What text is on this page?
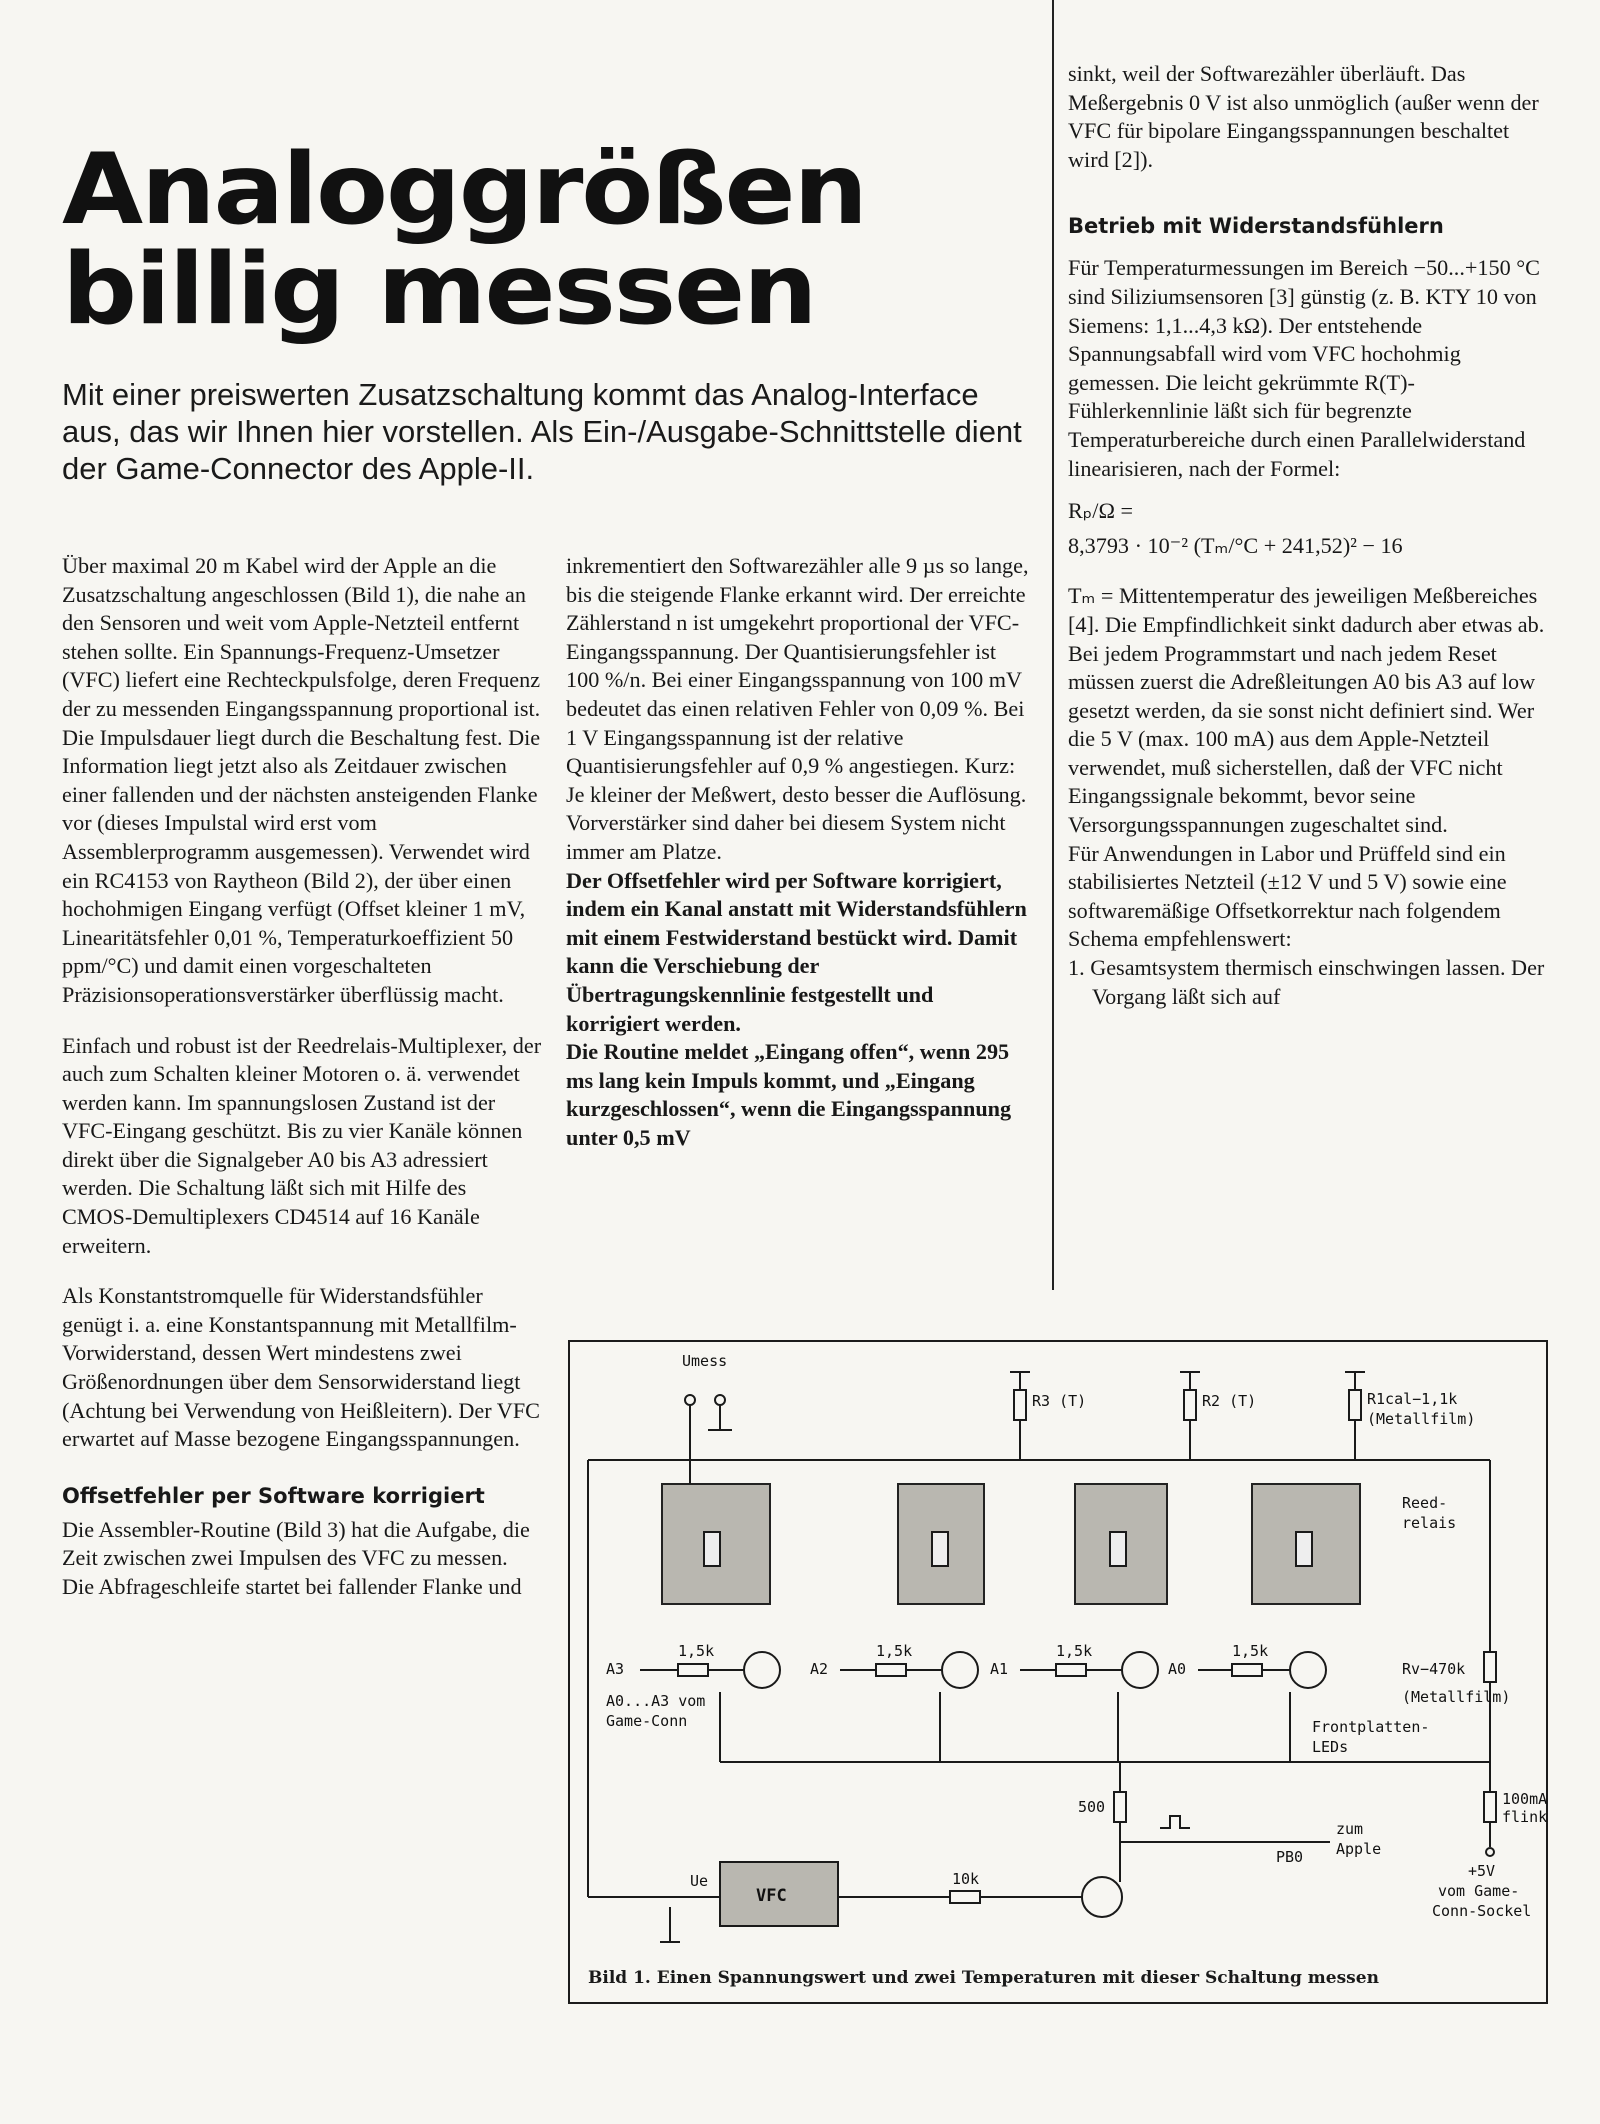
Analoggrößen
billig messen
Mit einer preiswerten Zusatzschaltung kommt das Analog-Interface aus, das wir Ihnen hier vorstellen. Als Ein-/Ausgabe-Schnittstelle dient der Game-Connector des Apple-II.

Über maximal 20 m Kabel wird der Apple an die Zusatzschaltung angeschlossen (Bild 1), die nahe an den Sensoren und weit vom Apple-Netzteil entfernt stehen sollte. Ein Spannungs-Frequenz-Umsetzer (VFC) liefert eine Rechteckpulsfolge, deren Frequenz der zu messenden Eingangsspannung proportional ist. Die Impulsdauer liegt durch die Beschaltung fest. Die Information liegt jetzt also als Zeitdauer zwischen einer fallenden und der nächsten ansteigenden Flanke vor (dieses Impulstal wird erst vom Assemblerprogramm ausgemessen). Verwendet wird ein RC4153 von Raytheon (Bild 2), der über einen hochohmigen Eingang verfügt (Offset kleiner 1 mV, Linearitätsfehler 0,01 %, Temperaturkoeffizient 50 ppm/°C) und damit einen vorgeschalteten Präzisionsoperationsverstärker überflüssig macht.

Einfach und robust ist der Reedrelais-Multiplexer, der auch zum Schalten kleiner Motoren o. ä. verwendet werden kann. Im spannungslosen Zustand ist der VFC-Eingang geschützt. Bis zu vier Kanäle können direkt über die Signalgeber A0 bis A3 adressiert werden. Die Schaltung läßt sich mit Hilfe des CMOS-Demultiplexers CD4514 auf 16 Kanäle erweitern.

Als Konstantstromquelle für Widerstandsfühler genügt i. a. eine Konstantspannung mit Metallfilm-Vorwiderstand, dessen Wert mindestens zwei Größenordnungen über dem Sensorwiderstand liegt (Achtung bei Verwendung von Heißleitern). Der VFC erwartet auf Masse bezogene Eingangsspannungen.

Offsetfehler per Software korrigiert

Die Assembler-Routine (Bild 3) hat die Aufgabe, die Zeit zwischen zwei Impulsen des VFC zu messen. Die Abfrageschleife startet bei fallender Flanke und

inkrementiert den Softwarezähler alle 9 µs so lange, bis die steigende Flanke erkannt wird. Der erreichte Zählerstand n ist umgekehrt proportional der VFC-Eingangsspannung. Der Quantisierungsfehler ist 100 %/n. Bei einer Eingangsspannung von 100 mV bedeutet das einen relativen Fehler von 0,09 %. Bei 1 V Eingangsspannung ist der relative Quantisierungsfehler auf 0,9 % angestiegen. Kurz: Je kleiner der Meßwert, desto besser die Auflösung. Vorverstärker sind daher bei diesem System nicht immer am Platze.

Der Offsetfehler wird per Software korrigiert, indem ein Kanal anstatt mit Widerstandsfühlern mit einem Festwiderstand bestückt wird. Damit kann die Verschiebung der Übertragungskennlinie festgestellt und korrigiert werden.

Die Routine meldet „Eingang offen“, wenn 295 ms lang kein Impuls kommt, und „Eingang kurzgeschlossen“, wenn die Eingangsspannung unter 0,5 mV

sinkt, weil der Softwarezähler überläuft. Das Meßergebnis 0 V ist also unmöglich (außer wenn der VFC für bipolare Eingangsspannungen beschaltet wird [2]).

Betrieb mit Widerstandsfühlern

Für Temperaturmessungen im Bereich −50...+150 °C sind Siliziumsensoren [3] günstig (z. B. KTY 10 von Siemens: 1,1...4,3 kΩ). Der entstehende Spannungsabfall wird vom VFC hochohmig gemessen. Die leicht gekrümmte R(T)-Fühlerkennlinie läßt sich für begrenzte Temperaturbereiche durch einen Parallelwiderstand linearisieren, nach der Formel:

Rₚ/Ω =
8,3793 · 10⁻² (Tₘ/°C + 241,52)² − 16

Tₘ = Mittentemperatur des jeweiligen Meßbereiches [4]. Die Empfindlichkeit sinkt dadurch aber etwas ab.

Bei jedem Programmstart und nach jedem Reset müssen zuerst die Adreßleitungen A0 bis A3 auf low gesetzt werden, da sie sonst nicht definiert sind. Wer die 5 V (max. 100 mA) aus dem Apple-Netzteil verwendet, muß sicherstellen, daß der VFC nicht Eingangssignale bekommt, bevor seine Versorgungsspannungen zugeschaltet sind.

Für Anwendungen in Labor und Prüffeld sind ein stabilisiertes Netzteil (±12 V und 5 V) sowie eine softwaremäßige Offsetkorrektur nach folgendem Schema empfehlenswert:

1. Gesamtsystem thermisch einschwingen lassen. Der Vorgang läßt sich auf

Umess
R3 (T)	R2 (T)	R1cal−1,1k
(Metallfilm)
Reed-
relais
A3	A2	A1	A0
1,5k	1,5k	1,5k	1,5k
A0...A3 vom
Game-Conn
Rv−470k
(Metallfilm)
Frontplatten-
LEDs
500	100mA
flink
zum
Apple
PB0
Ue
VFC
10k	+5V
vom Game-
Conn-Sockel
Bild 1. Einen Spannungswert und zwei Temperaturen mit dieser Schaltung messen
